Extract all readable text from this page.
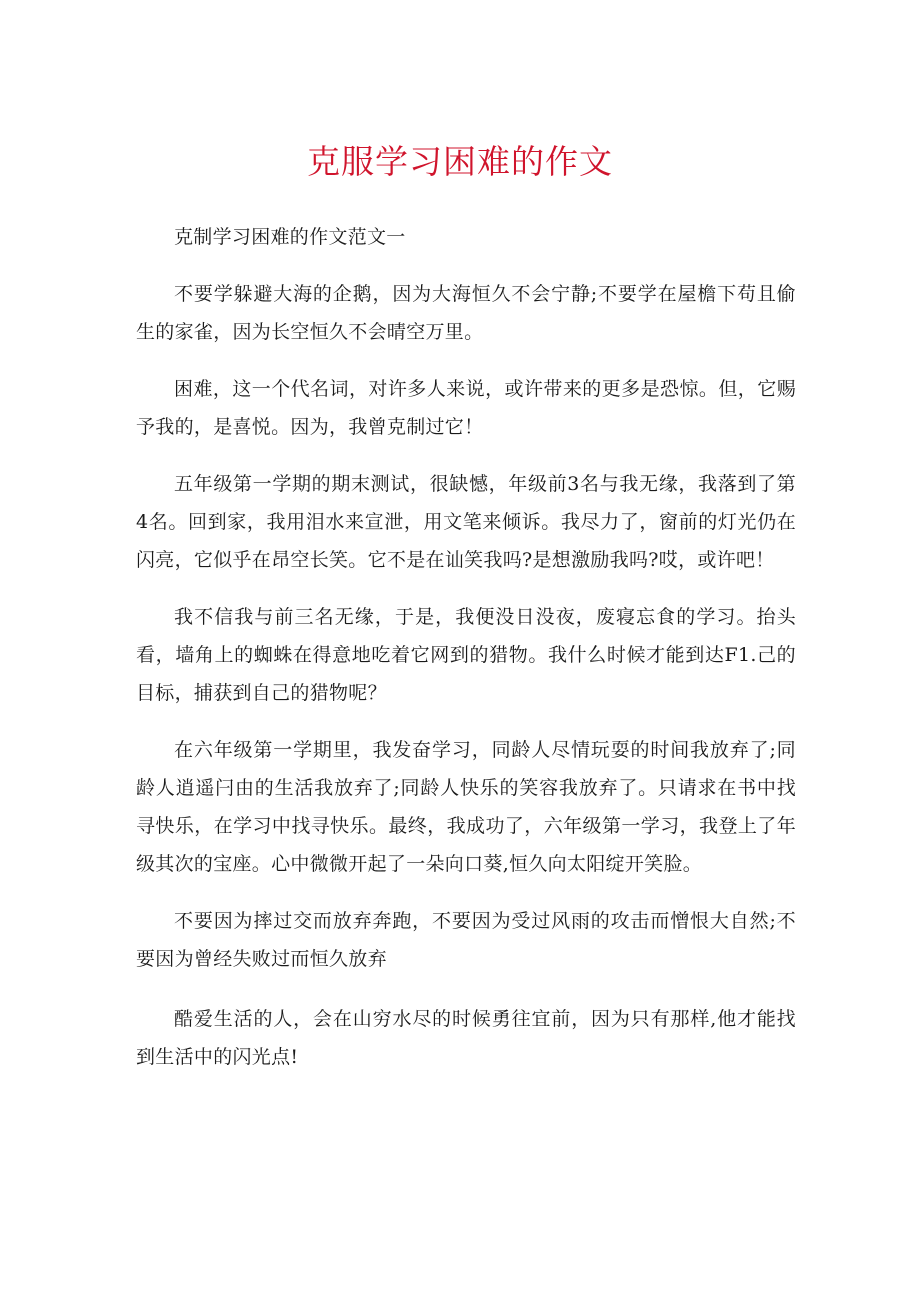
克服学习困难的作文

克制学习困难的作文范文一

不要学躲避大海的企鹅，因为大海恒久不会宁静;不要学在屋檐下苟且偷生的家雀，因为长空恒久不会晴空万里。

困难，这一个代名词，对许多人来说，或许带来的更多是恐惊。但，它赐予我的，是喜悦。因为，我曾克制过它！

五年级第一学期的期末测试，很缺憾，年级前3名与我无缘，我落到了第4名。回到家，我用泪水来宣泄，用文笔来倾诉。我尽力了，窗前的灯光仍在闪亮，它似乎在昂空长笑。它不是在讪笑我吗?是想激励我吗?哎，或许吧！

我不信我与前三名无缘，于是，我便没日没夜，废寝忘食的学习。抬头看，墙角上的蜘蛛在得意地吃着它网到的猎物。我什么时候才能到达F1.己的目标，捕获到自己的猎物呢？

在六年级第一学期里，我发奋学习，同龄人尽情玩耍的时间我放弃了;同龄人逍遥闩由的生活我放弃了;同龄人快乐的笑容我放弃了。只请求在书中找寻快乐，在学习中找寻快乐。最终，我成功了，六年级第一学习，我登上了年级其次的宝座。心中微微开起了一朵向口葵,恒久向太阳绽开笑脸。

不要因为摔过交而放弃奔跑，不要因为受过风雨的攻击而憎恨大自然;不要因为曾经失败过而恒久放弃

酷爱生活的人，会在山穷水尽的时候勇往宜前，因为只有那样,他才能找到生活中的闪光点!
